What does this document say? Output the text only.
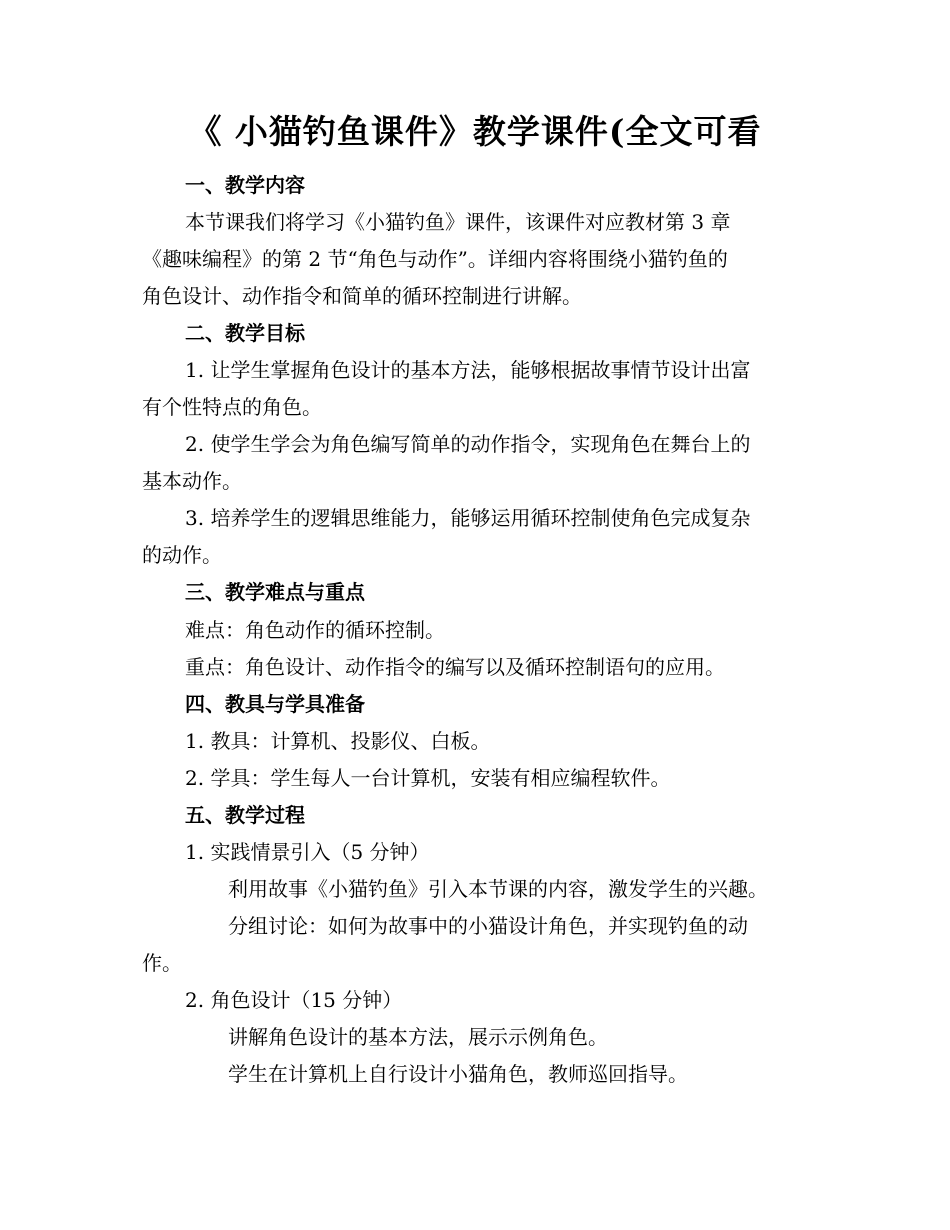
《 小猫钓鱼课件》教学课件(全文可看
一、教学内容
本节课我们将学习《小猫钓鱼》课件，该课件对应教材第 3 章
《趣味编程》的第 2 节“角色与动作”。详细内容将围绕小猫钓鱼的
角色设计、动作指令和简单的循环控制进行讲解。
二、教学目标
1. 让学生掌握角色设计的基本方法，能够根据故事情节设计出富
有个性特点的角色。
2. 使学生学会为角色编写简单的动作指令，实现角色在舞台上的
基本动作。
3. 培养学生的逻辑思维能力，能够运用循环控制使角色完成复杂
的动作。
三、教学难点与重点
难点：角色动作的循环控制。
重点：角色设计、动作指令的编写以及循环控制语句的应用。
四、教具与学具准备
1. 教具：计算机、投影仪、白板。
2. 学具：学生每人一台计算机，安装有相应编程软件。
五、教学过程
1. 实践情景引入（5 分钟）
利用故事《小猫钓鱼》引入本节课的内容，激发学生的兴趣。
分组讨论：如何为故事中的小猫设计角色，并实现钓鱼的动
作。
2. 角色设计（15 分钟）
讲解角色设计的基本方法，展示示例角色。
学生在计算机上自行设计小猫角色，教师巡回指导。
